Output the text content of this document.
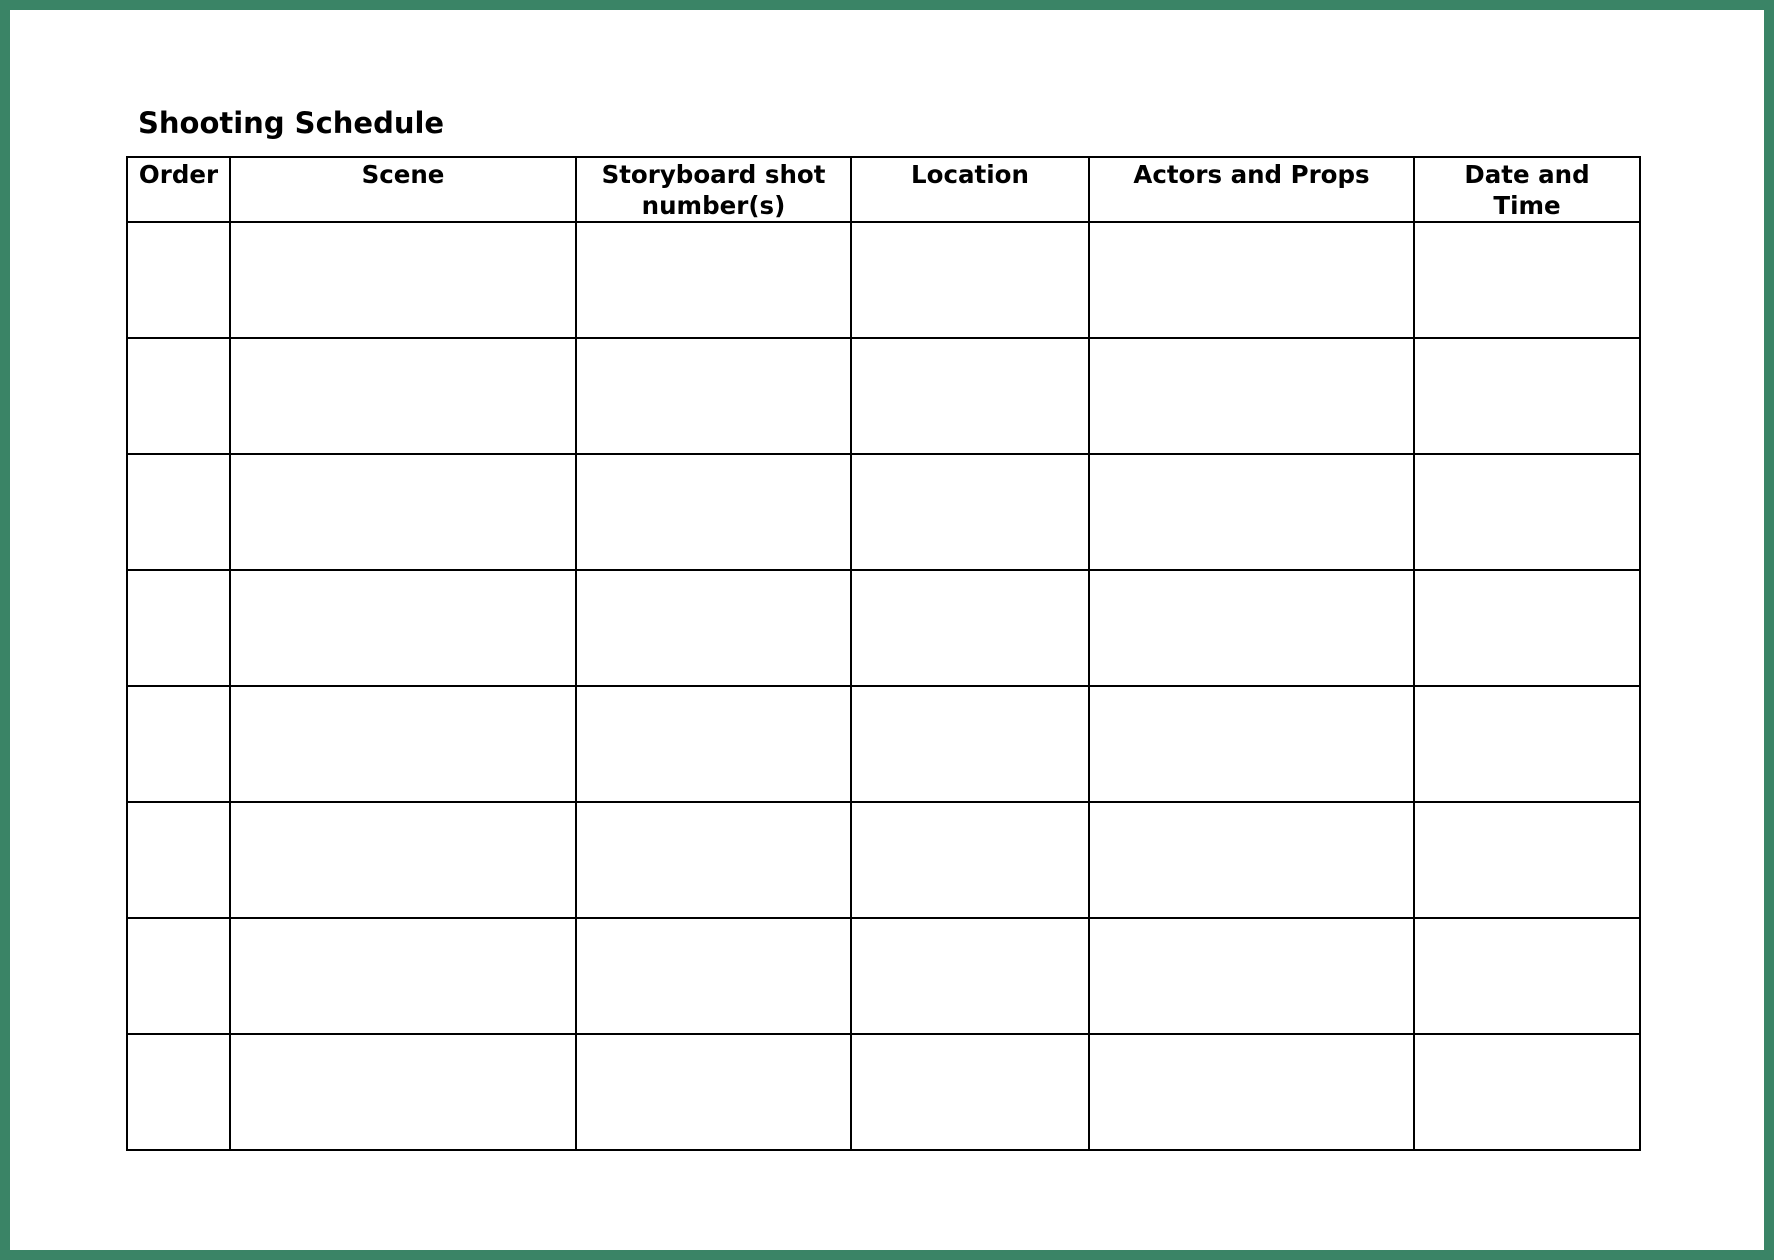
Shooting Schedule
Order	Scene	Storyboard shot number(s)	Location	Actors and Props	Date and Time
